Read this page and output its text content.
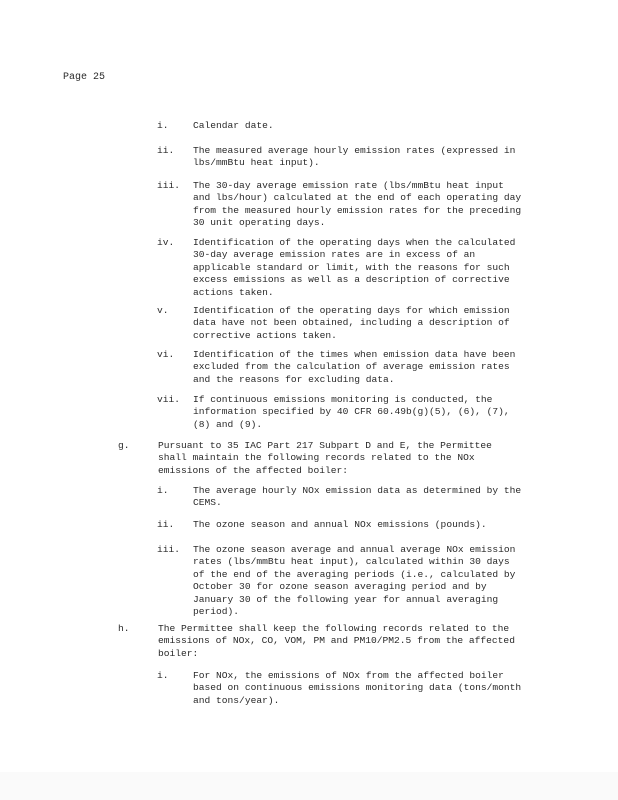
Page 25
i.	Calendar date.
ii. The measured average hourly emission rates (expressed in
lbs/mmBtu heat input).
iii. The 30-day average emission rate (lbs/mmBtu heat input
and lbs/hour) calculated at the end of each operating day
from the measured hourly emission rates for the preceding
30 unit operating days.
iv. Identification of the operating days when the calculated
30-day average emission rates are in excess of an
applicable standard or limit, with the reasons for such
excess emissions as well as a description of corrective
actions taken.
v.	Identification of the operating days for which emission
data have not been obtained, including a description of
corrective actions taken.
vi. Identification of the times when emission data have been
excluded from the calculation of average emission rates
and the reasons for excluding data.
vii. If continuous emissions monitoring is conducted, the
information specified by 40 CFR 60.49b(g)(5), (6), (7),
(8) and (9).
g.	Pursuant to 35 IAC Part 217 Subpart D and E, the Permittee
shall maintain the following records related to the NOx
emissions of the affected boiler:
i.	The average hourly NOx emission data as determined by the
CEMS.
ii. The ozone season and annual NOx emissions (pounds).
iii. The ozone season average and annual average NOx emission
rates (lbs/mmBtu heat input), calculated within 30 days
of the end of the averaging periods (i.e., calculated by
October 30 for ozone season averaging period and by
January 30 of the following year for annual averaging
period).
h.	The Permittee shall keep the following records related to the
emissions of NOx, CO, VOM, PM and PM10/PM2.5 from the affected
boiler:
i.	For NOx, the emissions of NOx from the affected boiler
based on continuous emissions monitoring data (tons/month
and tons/year).
